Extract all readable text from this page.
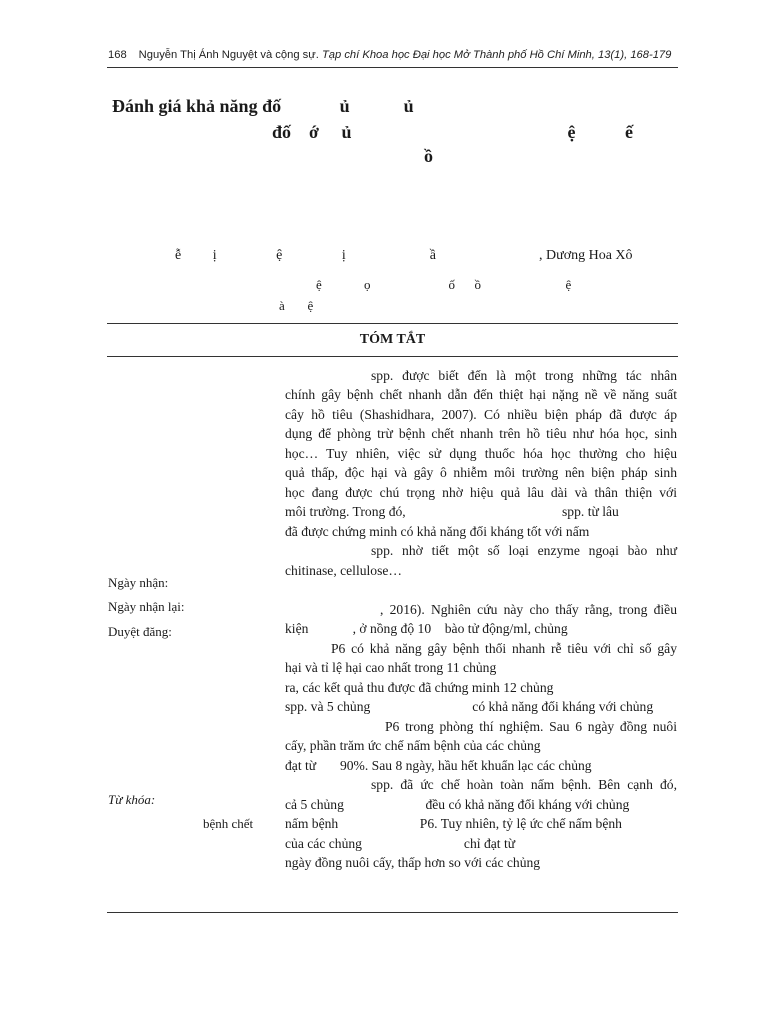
168 Nguyễn Thị Ánh Nguyệt và cộng sự. Tạp chí Khoa học Đại học Mở Thành phố Hồ Chí Minh, 13(1), 168-179
Đánh giá khả năng đố             ủ            ủ
đố    ớ     ủ                                                ệ           ế
ồ
ễ         ị                 ệ                 ị                        ầ	, Dương Hoa Xô
ệ             ọ                        ố      ồ                          ệ
à       ệ
TÓM TẮT
Ngày nhận:
Ngày nhận lại:
Duyệt đăng:
Từ khóa:
bệnh chết
spp. được biết đến là một trong những tác nhân
chính gây bệnh chết nhanh dẫn đến thiệt hại nặng nề về năng suất
cây hồ tiêu (Shashidhara, 2007). Có nhiều biện pháp đã được áp
dụng để phòng trừ bệnh chết nhanh trên hồ tiêu như hóa học, sinh
học… Tuy nhiên, việc sử dụng thuốc hóa học thường cho hiệu
quả thấp, độc hại và gây ô nhiễm môi trường nên biện pháp sinh
học đang được chú trọng nhờ hiệu quả lâu dài và thân thiện với
môi trường. Trong đó,                                              spp. từ lâu
đã được chứng minh có khả năng đối kháng tốt với nấm
spp. nhờ tiết một số loại enzyme ngoại bào như
chitinase, cellulose…
, 2016). Nghiên cứu này cho thấy rằng, trong điều
kiện             , ở nồng độ 10    bào tử động/ml, chủng
P6 có khả năng gây bệnh thối nhanh rễ tiêu với chỉ số gây
hại và tỉ lệ hại cao nhất trong 11 chủng
ra, các kết quả thu được đã chứng minh 12 chủng
spp. và 5 chủng                              có khả năng đối kháng với chủng
P6 trong phòng thí nghiệm. Sau 6 ngày đồng nuôi
cấy, phần trăm ức chế nấm bệnh của các chủng
đạt từ       90%. Sau 8 ngày, hầu hết khuẩn lạc các chủng
spp. đã ức chế hoàn toàn nấm bệnh. Bên cạnh đó,
cả 5 chủng                        đều có khả năng đối kháng với chủng
nấm bệnh                        P6. Tuy nhiên, tỷ lệ ức chế nấm bệnh
của các chủng                              chỉ đạt từ
ngày đồng nuôi cấy, thấp hơn so với các chủng
